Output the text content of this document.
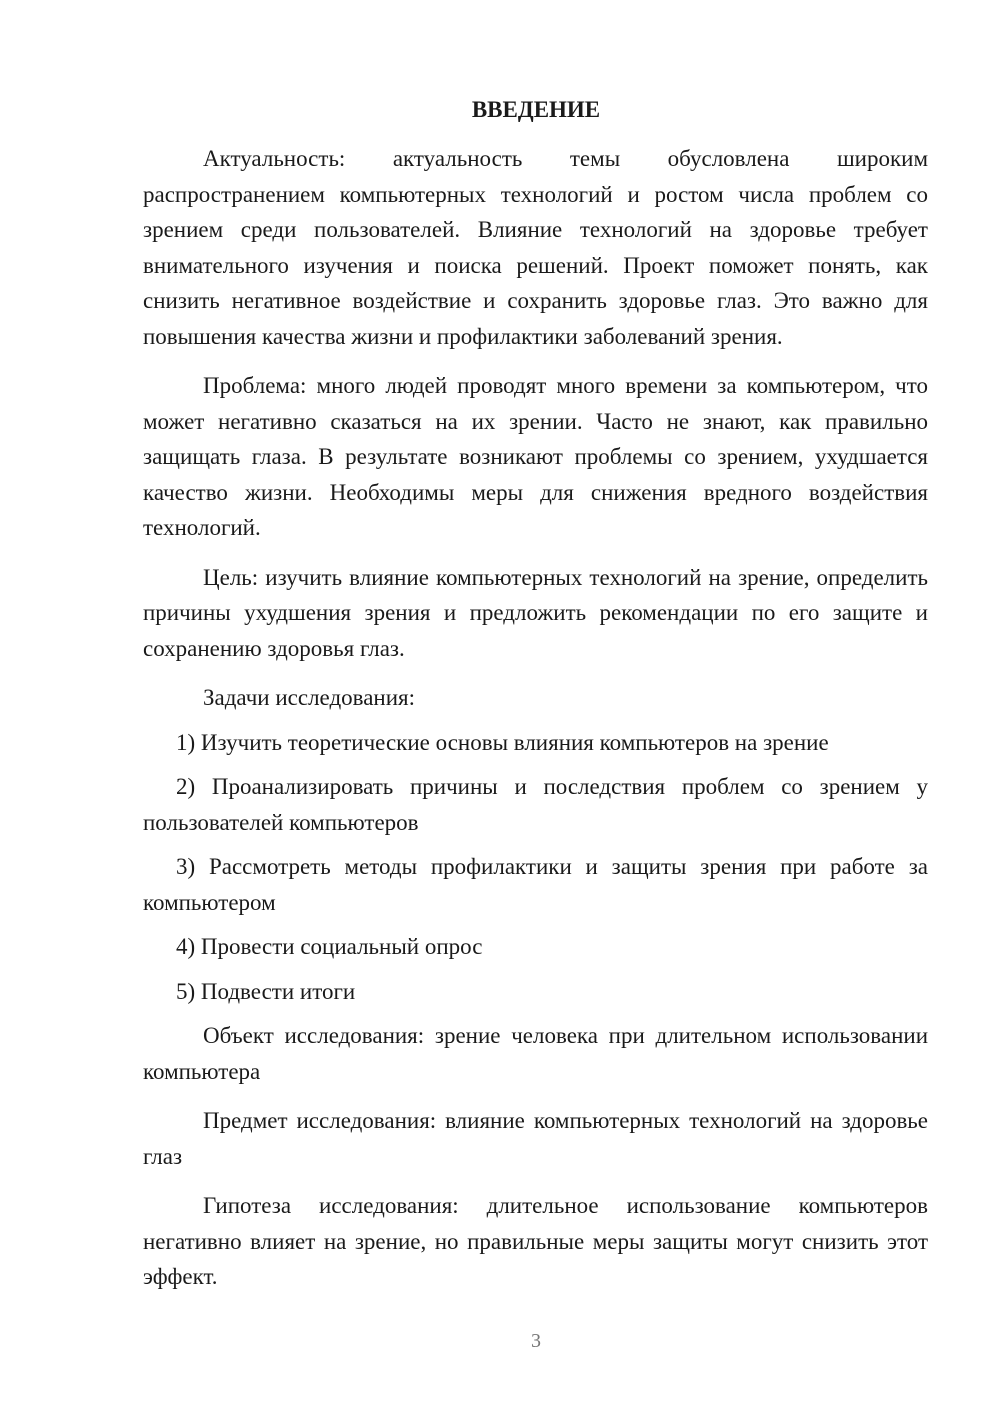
ВВЕДЕНИЕ

Актуальность: актуальность темы обусловлена широким распространением компьютерных технологий и ростом числа проблем со зрением среди пользователей. Влияние технологий на здоровье требует внимательного изучения и поиска решений. Проект поможет понять, как снизить негативное воздействие и сохранить здоровье глаз. Это важно для повышения качества жизни и профилактики заболеваний зрения.

Проблема: много людей проводят много времени за компьютером, что может негативно сказаться на их зрении. Часто не знают, как правильно защищать глаза. В результате возникают проблемы со зрением, ухудшается качество жизни. Необходимы меры для снижения вредного воздействия технологий.

Цель: изучить влияние компьютерных технологий на зрение, определить причины ухудшения зрения и предложить рекомендации по его защите и сохранению здоровья глаз.

Задачи исследования:

1) Изучить теоретические основы влияния компьютеров на зрение

2) Проанализировать причины и последствия проблем со зрением у пользователей компьютеров

3) Рассмотреть методы профилактики и защиты зрения при работе за компьютером

4) Провести социальный опрос

5) Подвести итоги

Объект исследования: зрение человека при длительном использовании компьютера

Предмет исследования: влияние компьютерных технологий на здоровье глаз

Гипотеза исследования: длительное использование компьютеров негативно влияет на зрение, но правильные меры защиты могут снизить этот эффект.

3
